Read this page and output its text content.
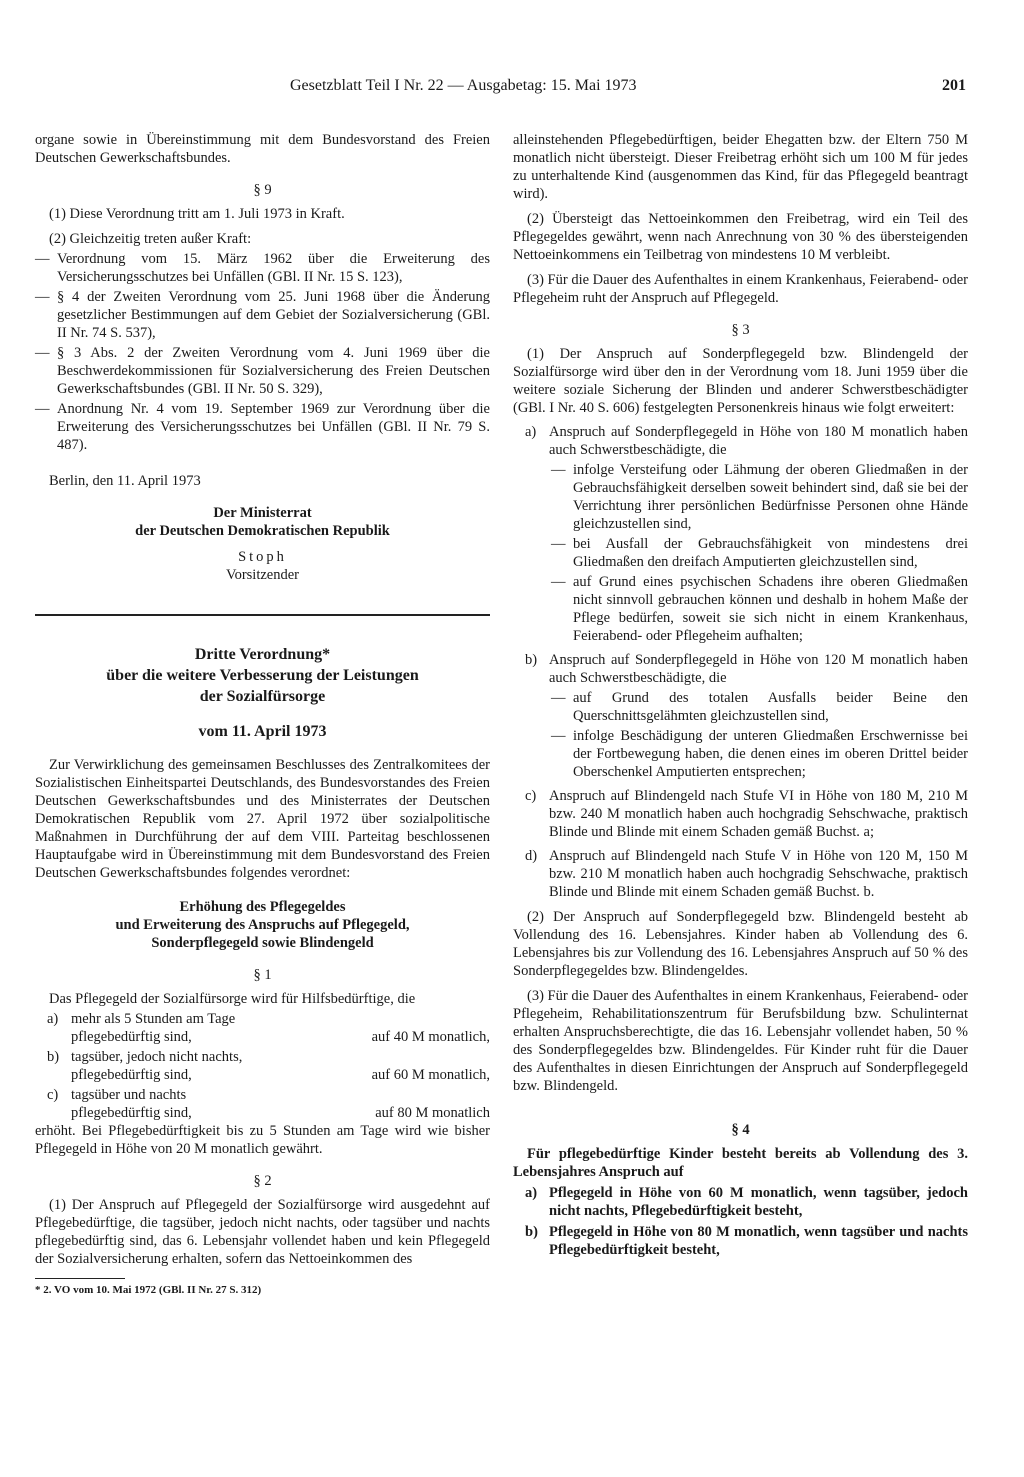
Gesetzblatt Teil I Nr. 22 — Ausgabetag: 15. Mai 1973	201

organe sowie in Übereinstimmung mit dem Bundesvorstand des Freien Deutschen Gewerkschaftsbundes.

§ 9

(1) Diese Verordnung tritt am 1. Juli 1973 in Kraft.

(2) Gleichzeitig treten außer Kraft:

— Verordnung vom 15. März 1962 über die Erweiterung des Versicherungsschutzes bei Unfällen (GBl. II Nr. 15 S. 123),
— § 4 der Zweiten Verordnung vom 25. Juni 1968 über die Änderung gesetzlicher Bestimmungen auf dem Gebiet der Sozialversicherung (GBl. II Nr. 74 S. 537),
— § 3 Abs. 2 der Zweiten Verordnung vom 4. Juni 1969 über die Beschwerdekommissionen für Sozialversicherung des Freien Deutschen Gewerkschaftsbundes (GBl. II Nr. 50 S. 329),
— Anordnung Nr. 4 vom 19. September 1969 zur Verordnung über die Erweiterung des Versicherungsschutzes bei Unfällen (GBl. II Nr. 79 S. 487).

Berlin, den 11. April 1973

Der Ministerrat

der Deutschen Demokratischen Republik

Stoph

Vorsitzender

Dritte Verordnung*

über die weitere Verbesserung der Leistungen

der Sozialfürsorge

vom 11. April 1973

Zur Verwirklichung des gemeinsamen Beschlusses des Zentralkomitees der Sozialistischen Einheitspartei Deutschlands, des Bundesvorstandes des Freien Deutschen Gewerkschaftsbundes und des Ministerrates der Deutschen Demokratischen Republik vom 27. April 1972 über sozialpolitische Maßnahmen in Durchführung der auf dem VIII. Parteitag beschlossenen Hauptaufgabe wird in Übereinstimmung mit dem Bundesvorstand des Freien Deutschen Gewerkschaftsbundes folgendes verordnet:

Erhöhung des Pflegegeldes

und Erweiterung des Anspruchs auf Pflegegeld,

Sonderpflegegeld sowie Blindengeld

§ 1

Das Pflegegeld der Sozialfürsorge wird für Hilfsbedürftige, die

a) mehr als 5 Stunden am Tage
pflegebedürftig sind,	auf 40 M monatlich,
b) tagsüber, jedoch nicht nachts,
pflegebedürftig sind,	auf 60 M monatlich,
c) tagsüber und nachts
pflegebedürftig sind,	auf 80 M monatlich

erhöht. Bei Pflegebedürftigkeit bis zu 5 Stunden am Tage wird wie bisher Pflegegeld in Höhe von 20 M monatlich gewährt.

§ 2

(1) Der Anspruch auf Pflegegeld der Sozialfürsorge wird ausgedehnt auf Pflegebedürftige, die tagsüber, jedoch nicht nachts, oder tagsüber und nachts pflegebedürftig sind, das 6. Lebensjahr vollendet haben und kein Pflegegeld der Sozialversicherung erhalten, sofern das Nettoeinkommen des

* 2. VO vom 10. Mai 1972 (GBl. II Nr. 27 S. 312)

alleinstehenden Pflegebedürftigen, beider Ehegatten bzw. der Eltern 750 M monatlich nicht übersteigt. Dieser Freibetrag erhöht sich um 100 M für jedes zu unterhaltende Kind (ausgenommen das Kind, für das Pflegegeld beantragt wird).

(2) Übersteigt das Nettoeinkommen den Freibetrag, wird ein Teil des Pflegegeldes gewährt, wenn nach Anrechnung von 30 % des übersteigenden Nettoeinkommens ein Teilbetrag von mindestens 10 M verbleibt.

(3) Für die Dauer des Aufenthaltes in einem Krankenhaus, Feierabend- oder Pflegeheim ruht der Anspruch auf Pflegegeld.

§ 3

(1) Der Anspruch auf Sonderpflegegeld bzw. Blindengeld der Sozialfürsorge wird über den in der Verordnung vom 18. Juni 1959 über die weitere soziale Sicherung der Blinden und anderer Schwerstbeschädigter (GBl. I Nr. 40 S. 606) festgelegten Personenkreis hinaus wie folgt erweitert:

a) Anspruch auf Sonderpflegegeld in Höhe von 180 M monatlich haben auch Schwerstbeschädigte, die
— infolge Versteifung oder Lähmung der oberen Gliedmaßen in der Gebrauchsfähigkeit derselben soweit behindert sind, daß sie bei der Verrichtung ihrer persönlichen Bedürfnisse Personen ohne Hände gleichzustellen sind,
— bei Ausfall der Gebrauchsfähigkeit von mindestens drei Gliedmaßen den dreifach Amputierten gleichzustellen sind,
— auf Grund eines psychischen Schadens ihre oberen Gliedmaßen nicht sinnvoll gebrauchen können und deshalb in hohem Maße der Pflege bedürfen, soweit sie sich nicht in einem Krankenhaus, Feierabend- oder Pflegeheim aufhalten;
b) Anspruch auf Sonderpflegegeld in Höhe von 120 M monatlich haben auch Schwerstbeschädigte, die
— auf Grund des totalen Ausfalls beider Beine den Querschnittsgelähmten gleichzustellen sind,
— infolge Beschädigung der unteren Gliedmaßen Erschwernisse bei der Fortbewegung haben, die denen eines im oberen Drittel beider Oberschenkel Amputierten entsprechen;
c) Anspruch auf Blindengeld nach Stufe VI in Höhe von 180 M, 210 M bzw. 240 M monatlich haben auch hochgradig Sehschwache, praktisch Blinde und Blinde mit einem Schaden gemäß Buchst. a;
d) Anspruch auf Blindengeld nach Stufe V in Höhe von 120 M, 150 M bzw. 210 M monatlich haben auch hochgradig Sehschwache, praktisch Blinde und Blinde mit einem Schaden gemäß Buchst. b.

(2) Der Anspruch auf Sonderpflegegeld bzw. Blindengeld besteht ab Vollendung des 16. Lebensjahres. Kinder haben ab Vollendung des 6. Lebensjahres bis zur Vollendung des 16. Lebensjahres Anspruch auf 50 % des Sonderpflegegeldes bzw. Blindengeldes.

(3) Für die Dauer des Aufenthaltes in einem Krankenhaus, Feierabend- oder Pflegeheim, Rehabilitationszentrum für Berufsbildung bzw. Schulinternat erhalten Anspruchsberechtigte, die das 16. Lebensjahr vollendet haben, 50 % des Sonderpflegegeldes bzw. Blindengeldes. Für Kinder ruht für die Dauer des Aufenthaltes in diesen Einrichtungen der Anspruch auf Sonderpflegegeld bzw. Blindengeld.

§ 4

Für pflegebedürftige Kinder besteht bereits ab Vollendung des 3. Lebensjahres Anspruch auf

a) Pflegegeld in Höhe von 60 M monatlich, wenn tagsüber, jedoch nicht nachts, Pflegebedürftigkeit besteht,
b) Pflegegeld in Höhe von 80 M monatlich, wenn tagsüber und nachts Pflegebedürftigkeit besteht,
